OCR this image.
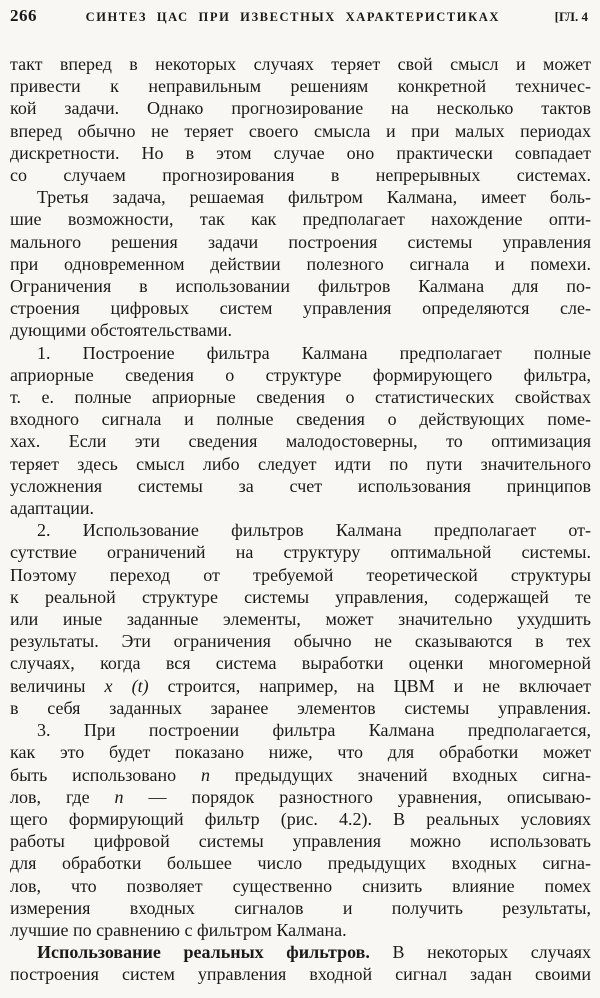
266	СИНТЕЗ ЦАС ПРИ ИЗВЕСТНЫХ ХАРАКТЕРИСТИКАХ	[ГЛ. 4
такт вперед в некоторых случаях теряет свой смысл и может
привести к неправильным решениям конкретной техничес-
кой задачи. Однако прогнозирование на несколько тактов
вперед обычно не теряет своего смысла и при малых периодах
дискретности. Но в этом случае оно практически совпадает
со случаем прогнозирования в непрерывных системах.
Третья задача, решаемая фильтром Калмана, имеет боль-
шие возможности, так как предполагает нахождение опти-
мального решения задачи построения системы управления
при одновременном действии полезного сигнала и помехи.
Ограничения в использовании фильтров Калмана для по-
строения цифровых систем управления определяются сле-
дующими обстоятельствами.
1. Построение фильтра Калмана предполагает полные
априорные сведения о структуре формирующего фильтра,
т. е. полные априорные сведения о статистических свойствах
входного сигнала и полные сведения о действующих поме-
хах. Если эти сведения малодостоверны, то оптимизация
теряет здесь смысл либо следует идти по пути значительного
усложнения системы за счет использования принципов
адаптации.
2. Использование фильтров Калмана предполагает от-
сутствие ограничений на структуру оптимальной системы.
Поэтому переход от требуемой теоретической структуры
к реальной структуре системы управления, содержащей те
или иные заданные элементы, может значительно ухудшить
результаты. Эти ограничения обычно не сказываются в тех
случаях, когда вся система выработки оценки многомерной
величины x (t) строится, например, на ЦВМ и не включает
в себя заданных заранее элементов системы управления.
3. При построении фильтра Калмана предполагается,
как это будет показано ниже, что для обработки может
быть использовано n предыдущих значений входных сигна-
лов, где n — порядок разностного уравнения, описываю-
щего формирующий фильтр (рис. 4.2). В реальных условиях
работы цифровой системы управления можно использовать
для обработки большее число предыдущих входных сигна-
лов, что позволяет существенно снизить влияние помех
измерения входных сигналов и получить результаты,
лучшие по сравнению с фильтром Калмана.
Использование реальных фильтров. В некоторых случаях
построения систем управления входной сигнал задан своими
